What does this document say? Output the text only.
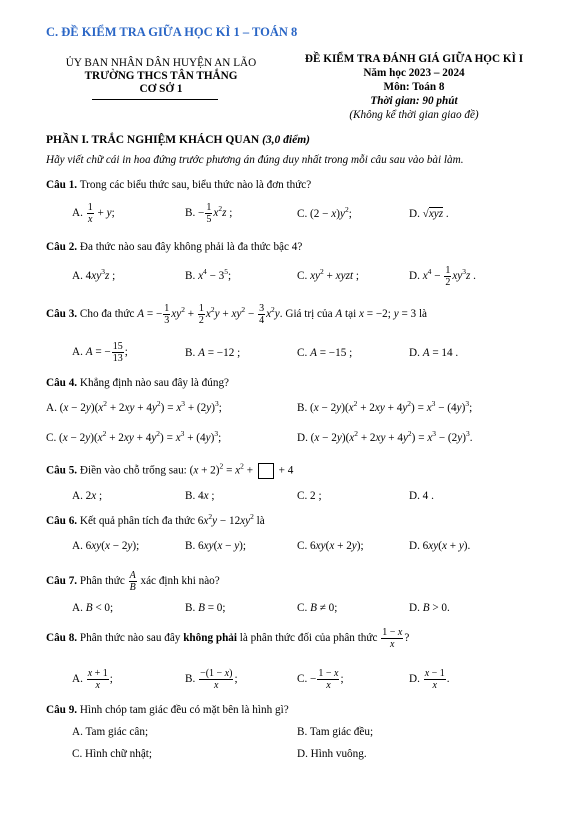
C. ĐỀ KIỂM TRA GIỮA HỌC KÌ 1 – TOÁN 8
ỦY BAN NHÂN DÂN HUYỆN AN LÃO
TRƯỜNG THCS TÂN THẮNG
CƠ SỞ 1
ĐỀ KIỂM TRA ĐÁNH GIÁ GIỮA HỌC KÌ I
Năm học 2023 – 2024
Môn: Toán 8
Thời gian: 90 phút
(Không kể thời gian giao đề)
PHẦN I. TRẮC NGHIỆM KHÁCH QUAN (3,0 điểm)
Hãy viết chữ cái in hoa đứng trước phương án đúng duy nhất trong mỗi câu sau vào bài làm.
Câu 1. Trong các biểu thức sau, biểu thức nào là đơn thức?
A. $\frac{1}{x} + y$;	B. − $\frac{1}{5} x^2z$ ;	C. $(2 - x)y^2$;	D. √xyz .
Câu 2. Đa thức nào sau đây không phải là đa thức bậc 4?
A. $4xy^3z$ ;	B. $x^4 - 3^5$;	C. $xy^2$ + xyzt ;	D. $x^4 - \frac{1}{2} xy^3z$ .
Câu 3. Cho đa thức A = − $\frac{1}{3} xy^2 + \frac{1}{2} x^2y + xy^2 - \frac{3}{4} x^2y$. Giá trị của A tại x = −2; y = 3 là
A. A = − $\frac{15}{13}$ ;	B. A = −12 ;	C. A = −15 ;	D. A = 14 .
Câu 4. Khẳng định nào sau đây là đúng?
A. $(x - 2y)(x^2 + 2xy + 4y^2) = x^3 + (2y)^3$;	B. $(x - 2y)(x^2 + 2xy + 4y^2) = x^3 - (4y)^3$;
C. $(x - 2y)(x^2 + 2xy + 4y^2) = x^3 + (4y)^3$;	D. $(x - 2y)(x^2 + 2xy + 4y^2) = x^3 - (2y)^3$.
Câu 5. Điền vào chỗ trống sau: $(x + 2)^2 = x^2$ +  + 4
A. 2x ;	B. 4x ;	C. 2 ;	D. 4 .
Câu 6. Kết quả phân tích đa thức $6x^2y - 12xy^2$ là
A. 6xy(x − 2y);	B. 6xy(x − y);	C. 6xy(x + 2y);	D. 6xy(x + y).
Câu 7. Phân thức $\frac{A}{B}$ xác định khi nào?
A. B < 0;	B. B = 0;	C. B ≠ 0;	D. B > 0.
Câu 8. Phân thức nào sau đây không phải là phân thức đối của phân thức $\frac{1 - x}{x}$ ?
A. $\frac{x + 1}{x}$ ;	B. $\frac{-(1 - x)}{x}$ ;	C. − $\frac{1 - x}{x}$ ;	D. $\frac{x - 1}{x}$ .
Câu 9. Hình chóp tam giác đều có mặt bên là hình gì?
A. Tam giác cân;	B. Tam giác đều;
C. Hình chữ nhật;	D. Hình vuông.
